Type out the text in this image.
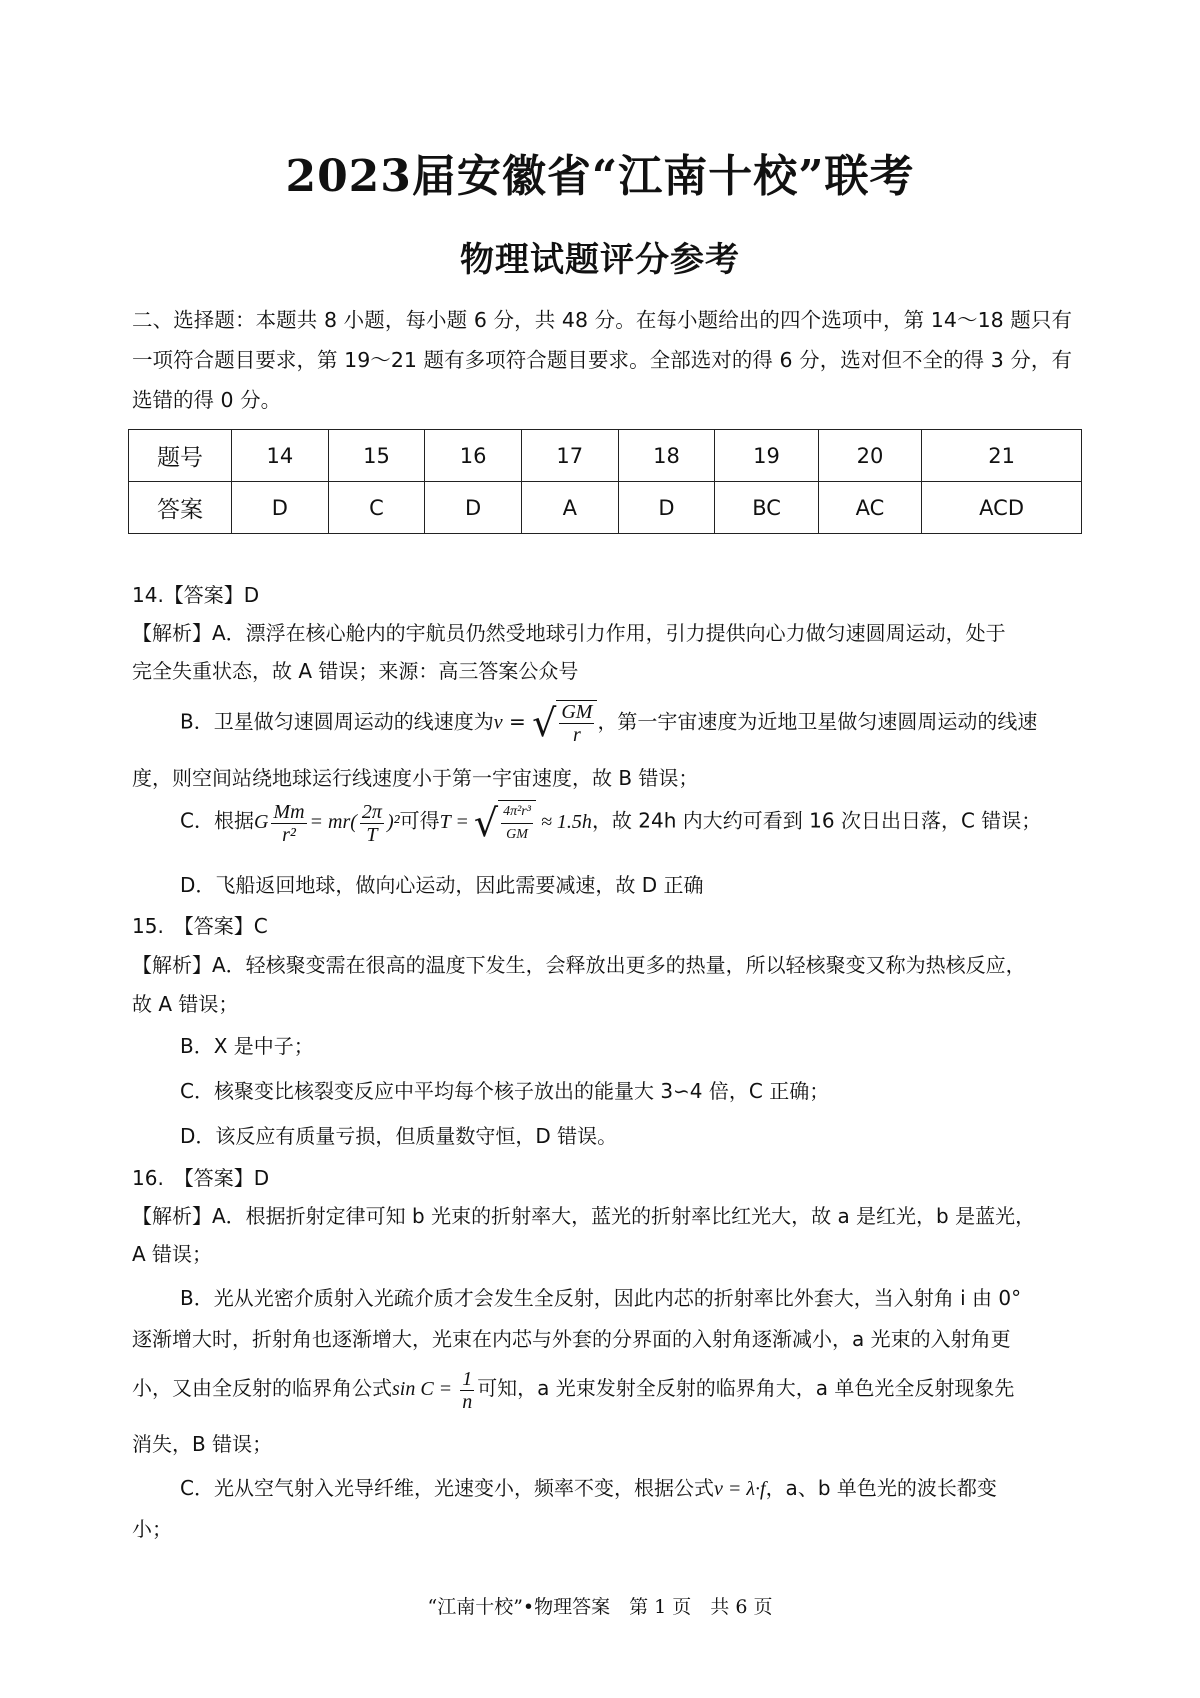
2023届安徽省“江南十校”联考
物理试题评分参考
二、选择题：本题共 8 小题，每小题 6 分，共 48 分。在每小题给出的四个选项中，第 14～18 题只有一项符合题目要求，第 19～21 题有多项符合题目要求。全部选对的得 6 分，选对但不全的得 3 分，有选错的得 0 分。
题号	14	15	16	17	18	19	20	21
答案	D	C	D	A	D	BC	AC	ACD
14.【答案】D
【解析】A．漂浮在核心舱内的宇航员仍然受地球引力作用，引力提供向心力做匀速圆周运动，处于
完全失重状态，故 A 错误；来源：高三答案公众号
B．卫星做匀速圆周运动的线速度为v = √ $\frac{GM}{r}$ ，第一宇宙速度为近地卫星做匀速圆周运动的线速
度，则空间站绕地球运行线速度小于第一宇宙速度，故 B 错误；
C．根据G $\frac{Mm}{\text{r²}} = mr( \frac{2\pi}{T} )^2$可得T = √ $\frac{\text{4π²r³}}{GM} \approx 1.5h$，故 24h 内大约可看到 16 次日出日落，C 错误；
D．飞船返回地球，做向心运动，因此需要减速，故 D 正确
15.　【答案】C
【解析】A．轻核聚变需在很高的温度下发生，会释放出更多的热量，所以轻核聚变又称为热核反应，
故 A 错误；
B．X 是中子；
C．核聚变比核裂变反应中平均每个核子放出的能量大 3∽4 倍，C 正确；
D．该反应有质量亏损，但质量数守恒，D 错误。
16.　【答案】D
【解析】A．根据折射定律可知 b 光束的折射率大，蓝光的折射率比红光大，故 a 是红光，b 是蓝光，
A 错误；
B．光从光密介质射入光疏介质才会发生全反射，因此内芯的折射率比外套大，当入射角 i 由 0°
逐渐增大时，折射角也逐渐增大，光束在内芯与外套的分界面的入射角逐渐减小，a 光束的入射角更
小，又由全反射的临界角公式$\sin C = \frac{1}{n}$ 可知，a 光束发射全反射的临界角大，a 单色光全反射现象先
消失，B 错误；
C．光从空气射入光导纤维，光速变小，频率不变，根据公式v = λ·f，a、b 单色光的波长都变
小；
“江南十校”•物理答案　第 1 页　共 6 页
